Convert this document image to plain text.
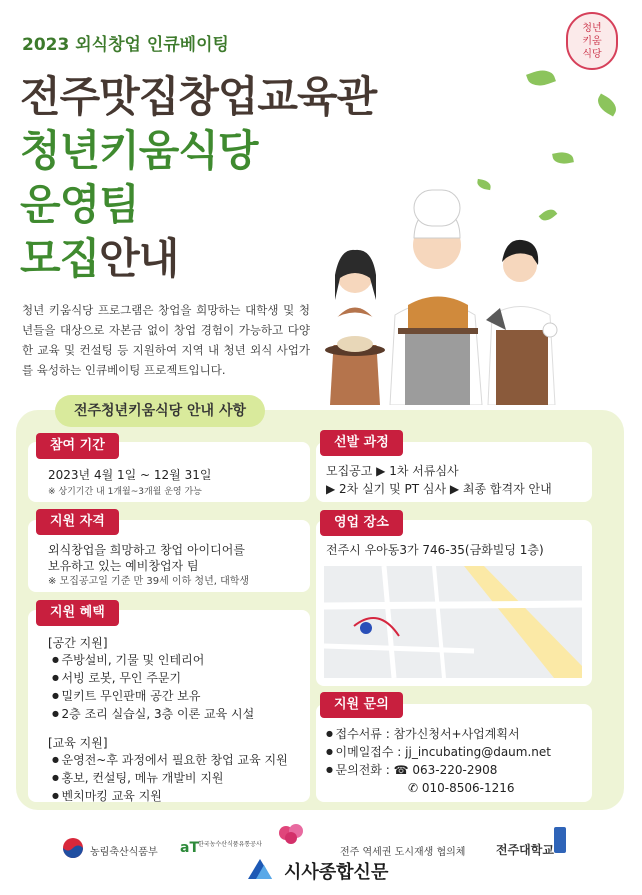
2023 외식창업 인큐베이팅
전주맛집창업교육관
청년키움식당
운영팀
모집안내
청년
키움
식당
청년 키움식당 프로그램은 창업을 희망하는 대학생 및 청년들을 대상으로 자본금 없이 창업 경험이 가능하고 다양한 교육 및 컨설팅 등 지원하여 지역 내 청년 외식 사업가를 육성하는 인큐베이팅 프로젝트입니다.
전주청년키움식당 안내 사항
참여 기간
2023년 4월 1일 ~ 12월 31일
※ 상기기간 내 1개월~3개월 운영 가능
지원 자격
외식창업을 희망하고 창업 아이디어를
보유하고 있는 예비창업자 팀
※ 모집공고일 기준 만 39세 이하 청년, 대학생
지원 혜택
[공간 지원]
● 주방설비, 기물 및 인테리어
● 서빙 로봇, 무인 주문기
● 밀키트 무인판매 공간 보유
● 2층 조리 실습실, 3층 이론 교육 시설
[교육 지원]
● 운영전~후 과정에서 필요한 창업 교육 지원
● 홍보, 컨설팅, 메뉴 개발비 지원
● 벤치마킹 교육 지원
선발 과정
모집공고 ▶ 1차 서류심사
▶ 2차 실기 및 PT 심사 ▶ 최종 합격자 안내
영업 장소
전주시 우아동3가 746-35(금화빌딩 1층)
지원 문의
● 접수서류 : 참가신청서+사업계획서
● 이메일접수 : jj_incubating@daum.net
● 문의전화 : ☎ 063-220-2908
✆ 010-8506-1216
농림축산식품부 aT 한국농수산식품유통공사
전주 역세권 도시재생 협의체	전주대학교
시사종합신문
